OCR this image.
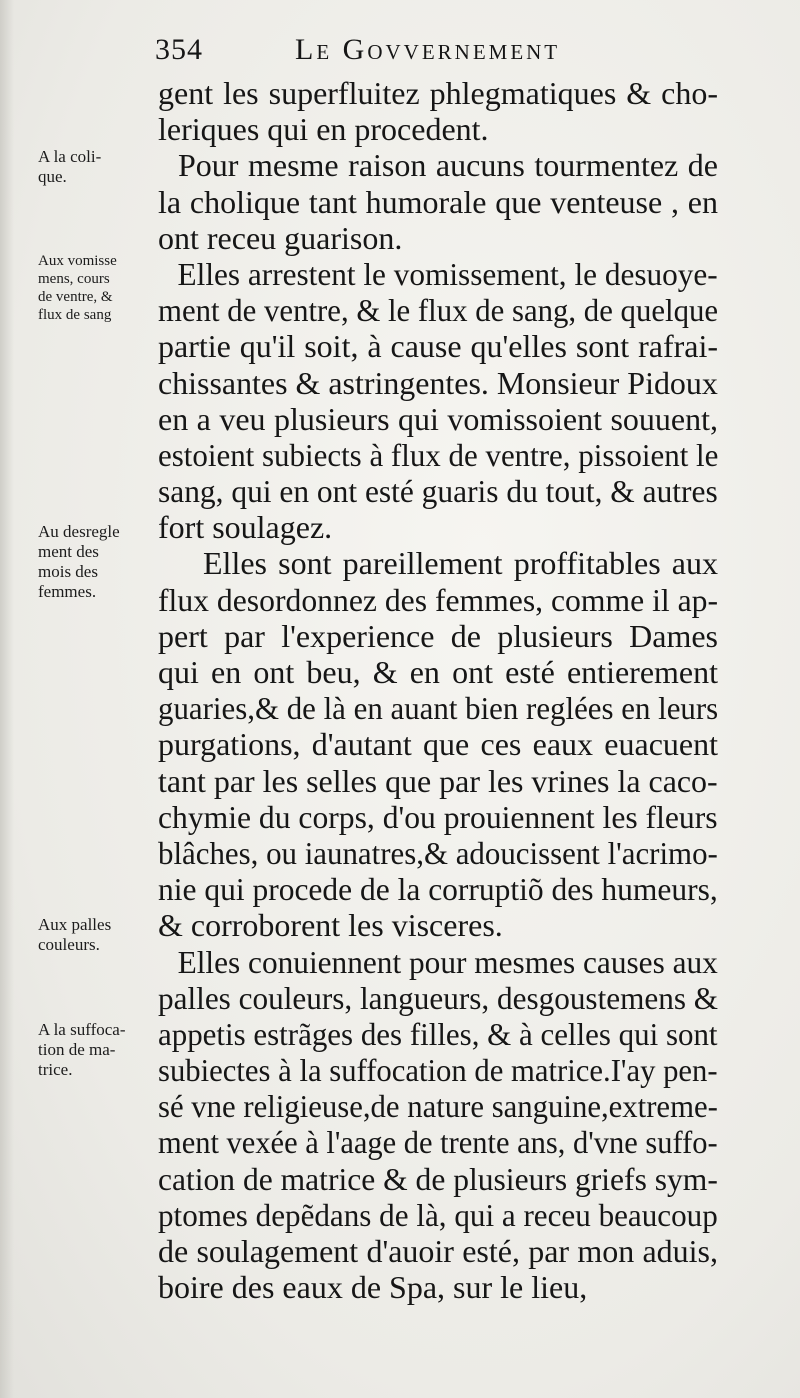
354	Le Govvernement
A la coli-
que.
Aux vomisse
mens, cours
de ventre, &
flux de sang
Au desregle
ment des
mois des
femmes.
Aux palles
couleurs.
A la suffoca-
tion de ma-
trice.
gent les superfluitez phlegmatiques & cho-
leriques qui en procedent.
Pour mesme raison aucuns tourmentez de
la cholique tant humorale que venteuse , en
ont receu guarison.
Elles arrestent le vomissement, le desuoye-
ment de ventre, & le flux de sang, de quelque
partie qu'il soit, à cause qu'elles sont rafrai-
chissantes & astringentes. Monsieur Pidoux
en a veu plusieurs qui vomissoient souuent,
estoient subiects à flux de ventre, pissoient le
sang, qui en ont esté guaris du tout, & autres
fort soulagez.
Elles sont pareillement proffitables aux
flux desordonnez des femmes, comme il ap-
pert par l'experience de plusieurs Dames
qui en ont beu, & en ont esté entierement
guaries,& de là en auant bien reglées en leurs
purgations, d'autant que ces eaux euacuent
tant par les selles que par les vrines la caco-
chymie du corps, d'ou prouiennent les fleurs
blâches, ou iaunatres,& adoucissent l'acrimo-
nie qui procede de la corruptiõ des humeurs,
& corroborent les visceres.
Elles conuiennent pour mesmes causes aux
palles couleurs, langueurs, desgoustemens &
appetis estrãges des filles, & à celles qui sont
subiectes à la suffocation de matrice.I'ay pen-
sé vne religieuse,de nature sanguine,extreme-
ment vexée à l'aage de trente ans, d'vne suffo-
cation de matrice & de plusieurs griefs sym-
ptomes depẽdans de là, qui a receu beaucoup
de soulagement d'auoir esté, par mon aduis,
boire des eaux de Spa, sur le lieu,
